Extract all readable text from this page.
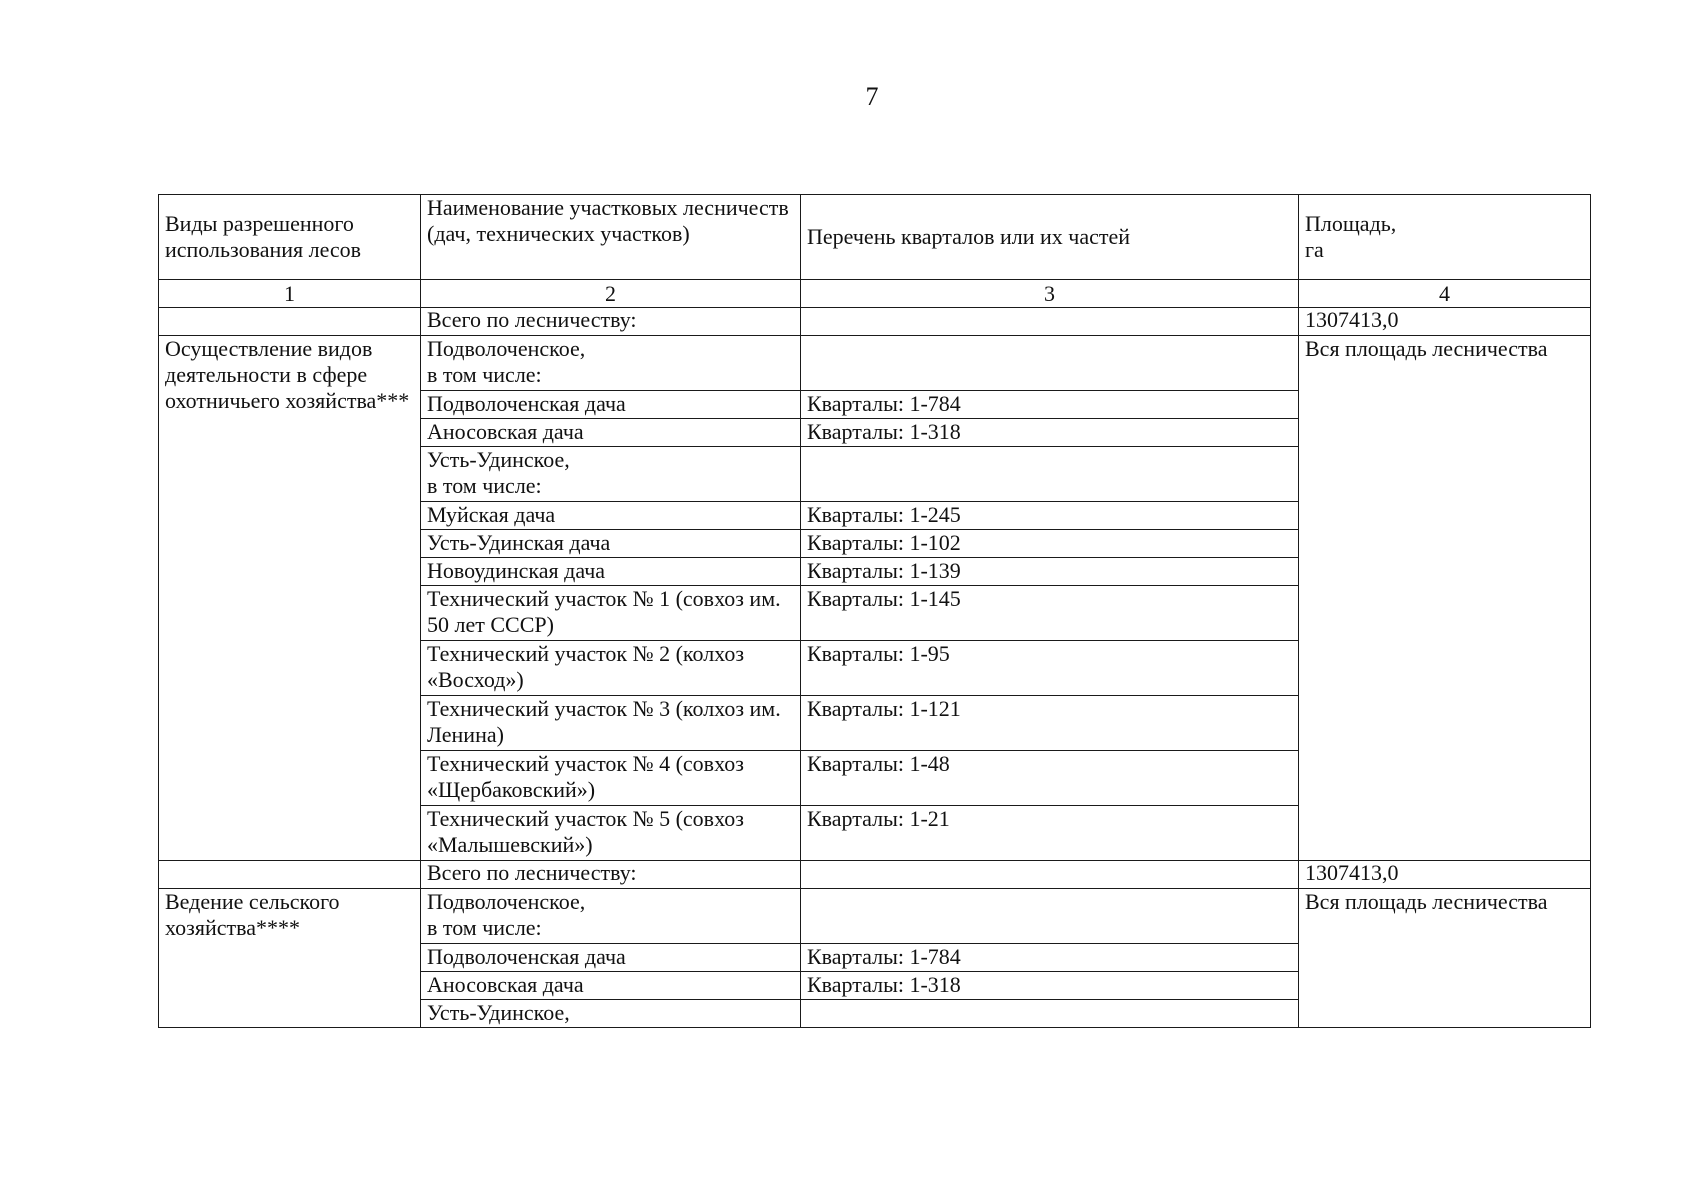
7
Виды разрешенного использования лесов	Наименование участковых лесничеств (дач, технических участков)	Перечень кварталов или их частей	Площадь,
га
1	2	3	4
	Всего по лесничеству:		1307413,0
Осуществление видов деятельности в сфере охотничьего хозяйства***	Подволоченское,
в том числе:		Вся площадь лесничества
	Подволоченская дача	Кварталы: 1-784	
	Аносовская дача	Кварталы: 1-318	
	Усть-Удинское,
в том числе:		
	Муйская дача	Кварталы: 1-245	
	Усть-Удинская дача	Кварталы: 1-102	
	Новоудинская дача	Кварталы: 1-139	
	Технический участок № 1 (совхоз им. 50 лет СССР)	Кварталы: 1-145	
	Технический участок № 2 (колхоз «Восход»)	Кварталы: 1-95	
	Технический участок № 3 (колхоз им. Ленина)	Кварталы: 1-121	
	Технический участок № 4 (совхоз «Щербаковский»)	Кварталы: 1-48	
	Технический участок № 5 (совхоз «Малышевский»)	Кварталы: 1-21	
	Всего по лесничеству:		1307413,0
Ведение сельского хозяйства****	Подволоченское,
в том числе:		Вся площадь лесничества
	Подволоченская дача	Кварталы: 1-784	
	Аносовская дача	Кварталы: 1-318	
	Усть-Удинское,		
